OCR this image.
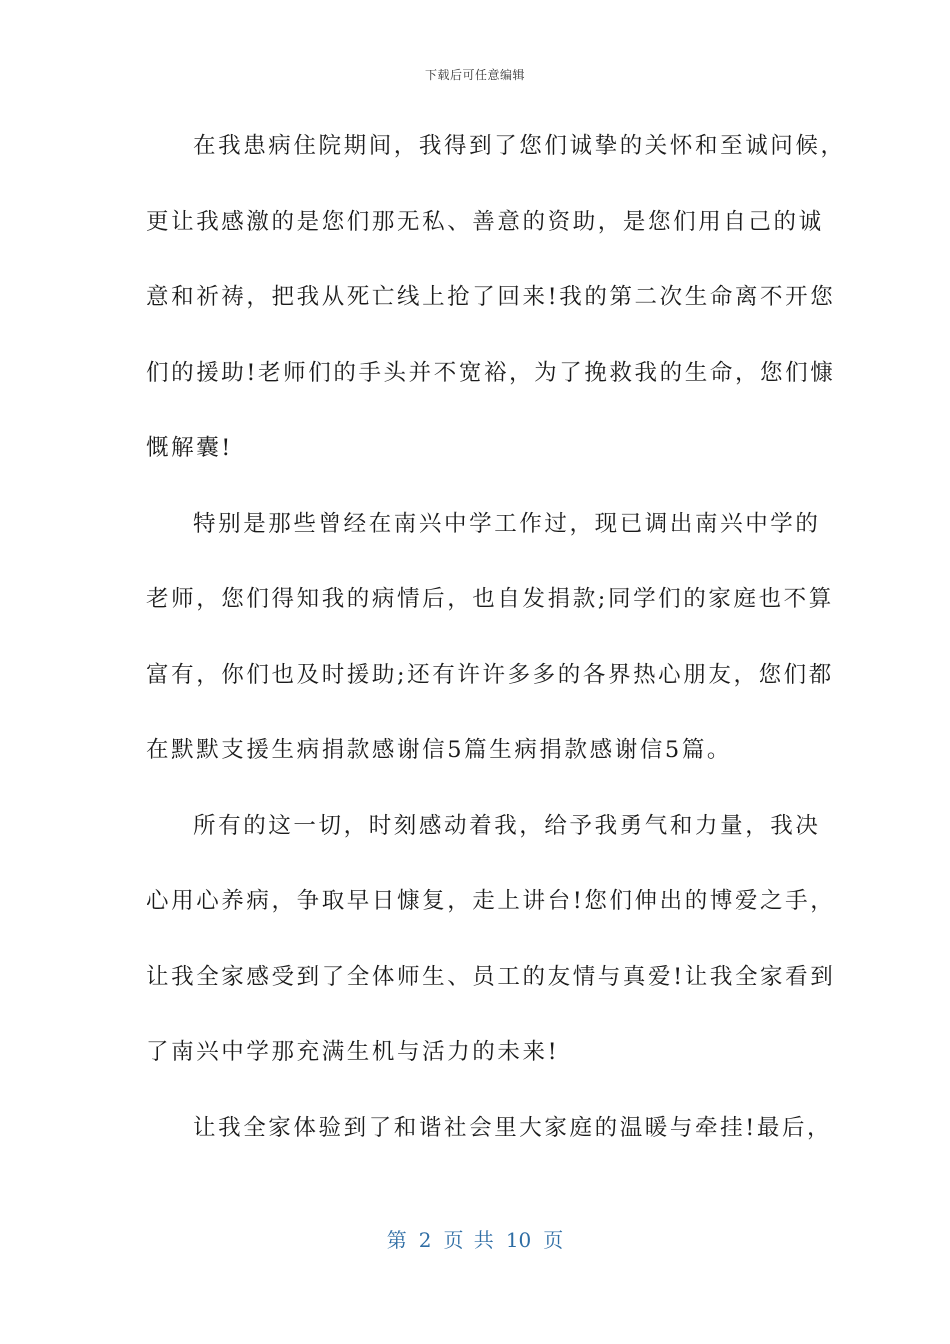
下载后可任意编辑
在我患病住院期间，我得到了您们诚挚的关怀和至诚问候，
更让我感激的是您们那无私、善意的资助，是您们用自己的诚
意和祈祷，把我从死亡线上抢了回来!我的第二次生命离不开您
们的援助!老师们的手头并不宽裕，为了挽救我的生命，您们慷
慨解囊!
特别是那些曾经在南兴中学工作过，现已调出南兴中学的
老师，您们得知我的病情后，也自发捐款;同学们的家庭也不算
富有，你们也及时援助;还有许许多多的各界热心朋友，您们都
在默默支援生病捐款感谢信5篇生病捐款感谢信5篇。
所有的这一切，时刻感动着我，给予我勇气和力量，我决
心用心养病，争取早日慷复，走上讲台!您们伸出的博爱之手，
让我全家感受到了全体师生、员工的友情与真爱!让我全家看到
了南兴中学那充满生机与活力的未来!
让我全家体验到了和谐社会里大家庭的温暖与牵挂!最后，
第 2 页 共 10 页
